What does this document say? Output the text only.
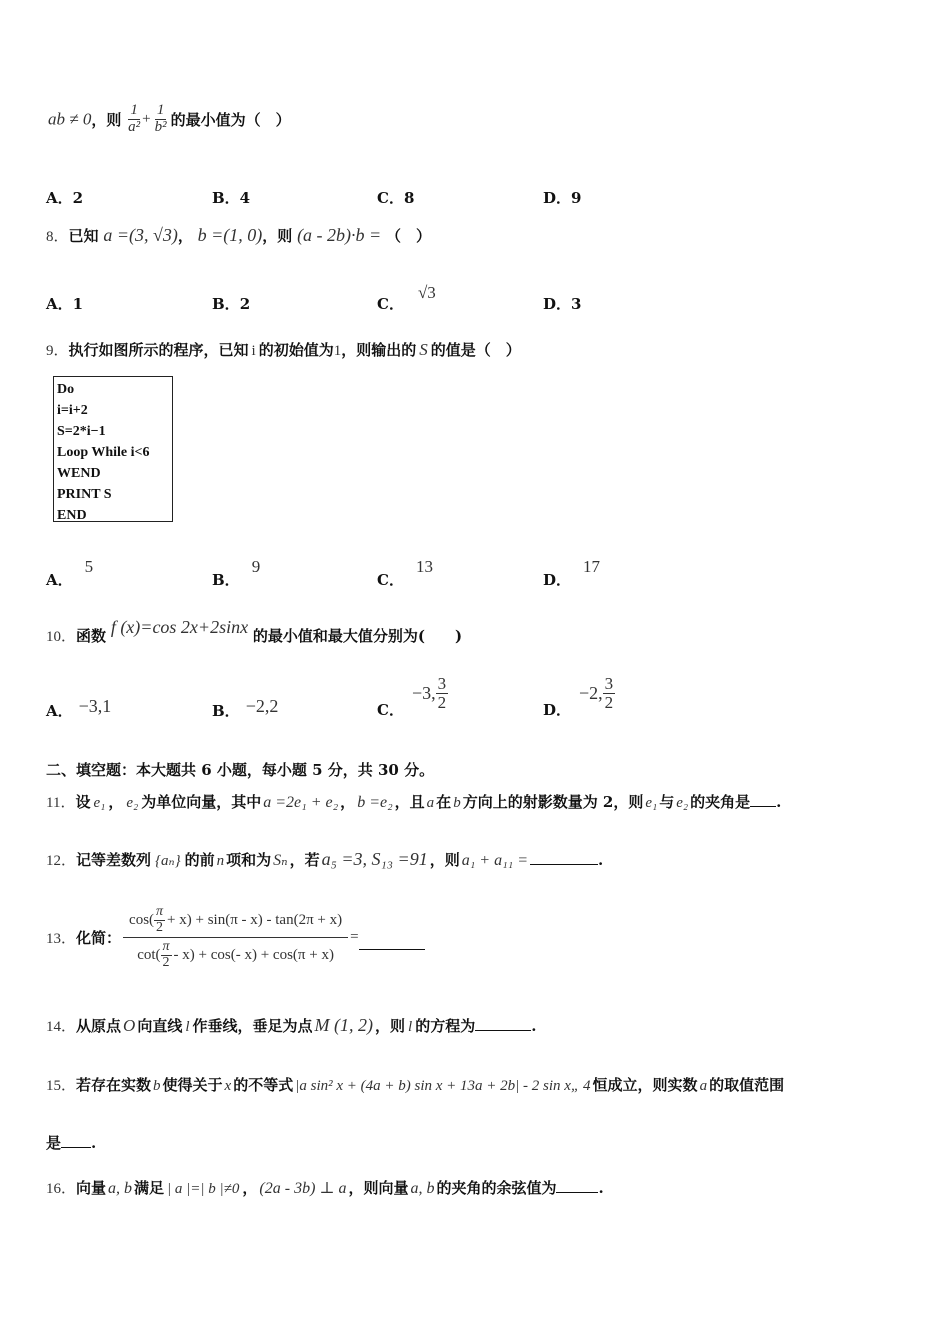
ab ≠ 0，则 $\frac{1}{\text{a²}} + \frac{1}{\text{b²}}$ 的最小值为（　）
A．2	B．4	C．8	D．9
8．已知 a =(3, √3)， b =(1, 0)，则 (a - 2b)·b = （　）
A．1	B．2	C．√3
D．3
9．执行如图所示的程序，已知 i 的初始值为1，则输出的 S 的值是（　）
Do
i=i+2
S=2*i−1
Loop While i<6
WEND
PRINT S
END
A．5
B．9
C．13
D．17
10．函数 f (x)=cos 2x+2sinx 的最小值和最大值分别为(　　)
A． −3,1	B． −2,2	C．
−3, $\frac{3}{2}$	D．
−2, $\frac{3}{2}$
二、填空题：本大题共 6 小题，每小题 5 分，共 30 分。
11．设 e₁ ， e₂ 为单位向量，其中 a =2e₁ + e₂ ， b =e₂ ，且 a 在 b 方向上的射影数量为 2，则 e₁ 与 e₂ 的夹角是 .
12．记等差数列 {aₙ} 的前 n 项和为 Sₙ ，若 a₅ =3, S₁₃ =91 ，则 a₁ + a₁₁ =	.
13． 化简： $\frac{\cos( \frac{\pi}{2} + x) + \sin(\pi - x) - \tan(2\pi + x)}{\cot( \frac{\pi}{2} - x) + \cos(- x) + \cos(\pi + x)}$ =
14．从原点 O 向直线 l 作垂线，垂足为点 M (1, 2) ，则 l 的方程为	.
15．若存在实数 b 使得关于 x 的不等式 |a sin² x + (4a + b) sin x + 13a + 2b| - 2 sin x„ 4 恒成立，则实数 a 的取值范围
是 .
16．向量 a, b 满足 | a |=| b |≠0 ， (2a - 3b) ⊥ a ，则向量 a, b 的夹角的余弦值为	.
